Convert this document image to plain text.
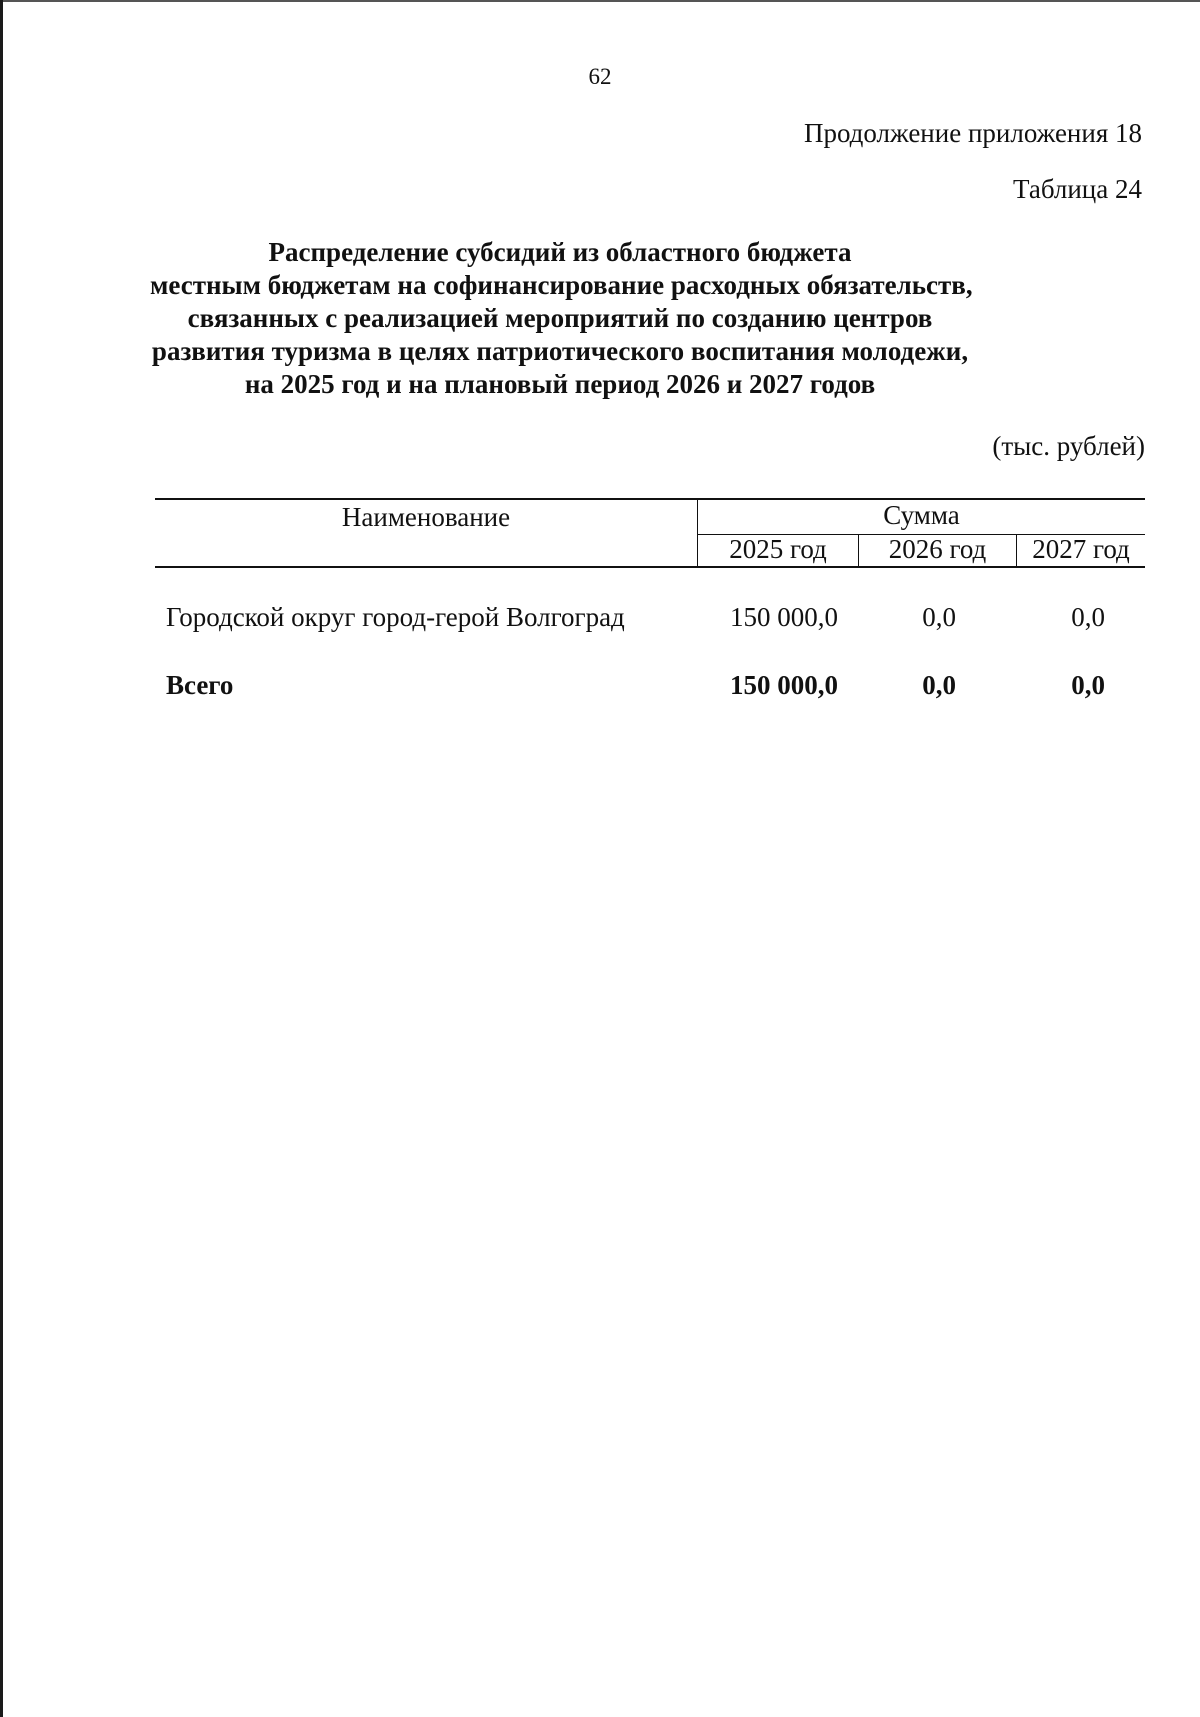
62
Продолжение приложения 18
Таблица 24
Распределение субсидий из областного бюджета
местным бюджетам на софинансирование расходных обязательств,
связанных с реализацией мероприятий по созданию центров
развития туризма в целях патриотического воспитания молодежи,
на 2025 год и на плановый период 2026 и 2027 годов
(тыс. рублей)
Наименование	Сумма
2025 год	2026 год	2027 год
Городской округ город-герой Волгоград	150 000,0	0,0	0,0
Всего	150 000,0	0,0	0,0
